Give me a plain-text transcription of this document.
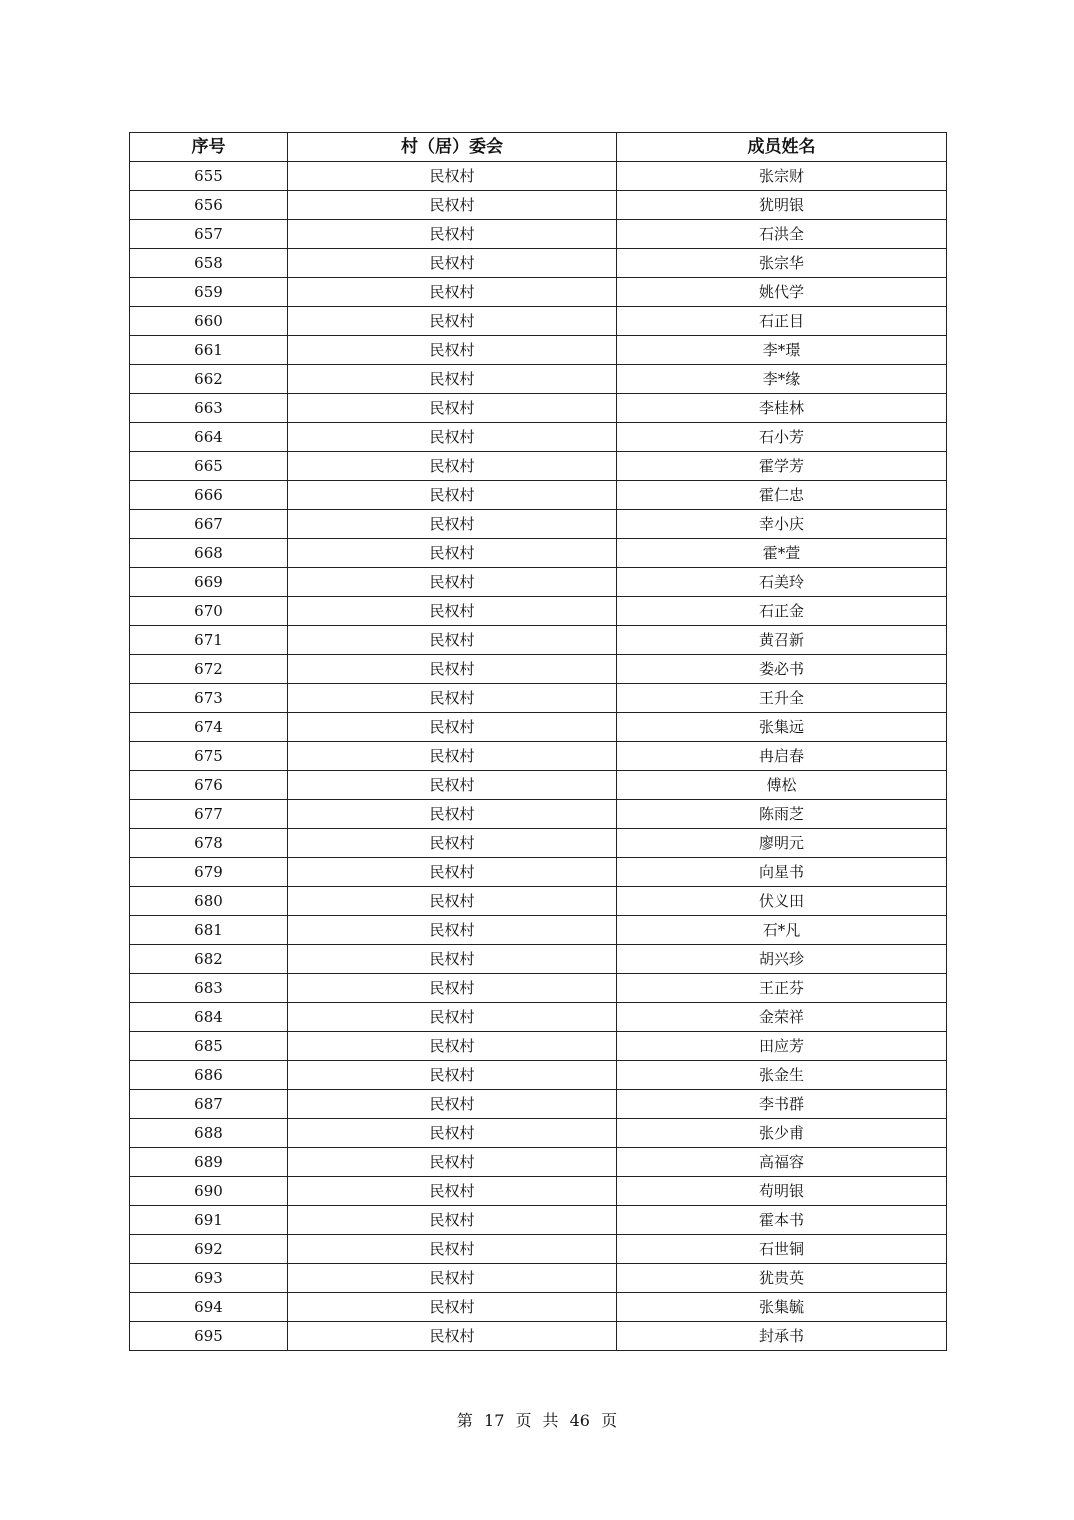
序号	村（居）委会	成员姓名
655	民权村	张宗财
656	民权村	犹明银
657	民权村	石洪全
658	民权村	张宗华
659	民权村	姚代学
660	民权村	石正目
661	民权村	李*璟
662	民权村	李*缘
663	民权村	李桂林
664	民权村	石小芳
665	民权村	霍学芳
666	民权村	霍仁忠
667	民权村	幸小庆
668	民权村	霍*萱
669	民权村	石美玲
670	民权村	石正金
671	民权村	黄召新
672	民权村	娄必书
673	民权村	王升全
674	民权村	张集远
675	民权村	冉启春
676	民权村	傅松
677	民权村	陈雨芝
678	民权村	廖明元
679	民权村	向星书
680	民权村	伏义田
681	民权村	石*凡
682	民权村	胡兴珍
683	民权村	王正芬
684	民权村	金荣祥
685	民权村	田应芳
686	民权村	张金生
687	民权村	李书群
688	民权村	张少甫
689	民权村	高福容
690	民权村	苟明银
691	民权村	霍本书
692	民权村	石世铜
693	民权村	犹贵英
694	民权村	张集毓
695	民权村	封承书
第 17 页 共 46 页
